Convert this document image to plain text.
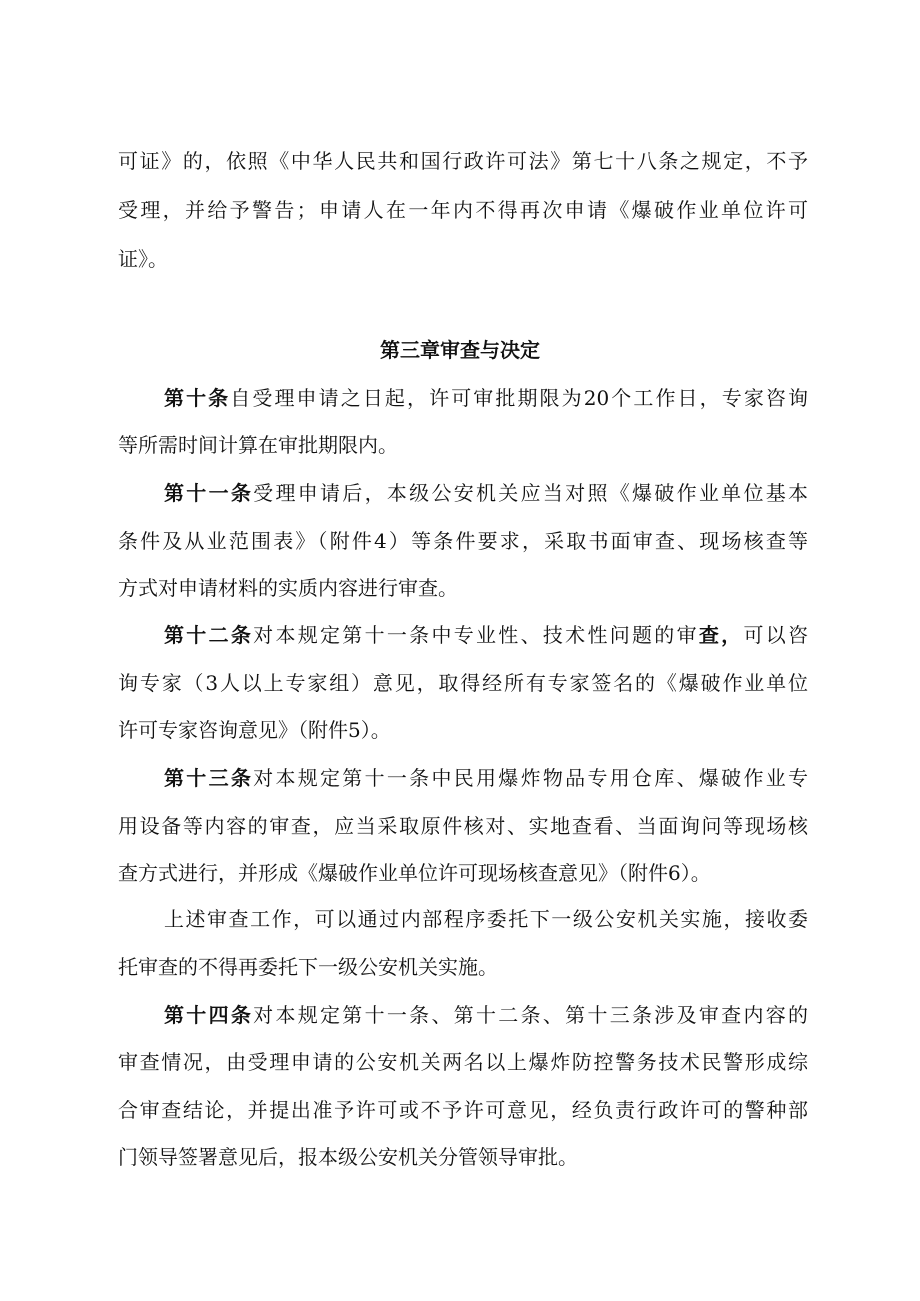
可证》的，依照《中华人民共和国行政许可法》第七十八条之规定，不予
受理，并给予警告；申请人在一年内不得再次申请《爆破作业单位许可
证》。
第三章审查与决定
第十条自受理申请之日起，许可审批期限为20个工作日，专家咨询
等所需时间计算在审批期限内。
第十一条受理申请后，本级公安机关应当对照《爆破作业单位基本
条件及从业范围表》（附件4）等条件要求，采取书面审查、现场核查等
方式对申请材料的实质内容进行审查。
第十二条对本规定第十一条中专业性、技术性问题的审查，可以咨
询专家（3人以上专家组）意见，取得经所有专家签名的《爆破作业单位
许可专家咨询意见》（附件5）。
第十三条对本规定第十一条中民用爆炸物品专用仓库、爆破作业专
用设备等内容的审查，应当采取原件核对、实地查看、当面询问等现场核
查方式进行，并形成《爆破作业单位许可现场核查意见》（附件6）。
上述审查工作，可以通过内部程序委托下一级公安机关实施，接收委
托审查的不得再委托下一级公安机关实施。
第十四条对本规定第十一条、第十二条、第十三条涉及审查内容的
审查情况，由受理申请的公安机关两名以上爆炸防控警务技术民警形成综
合审查结论，并提出准予许可或不予许可意见，经负责行政许可的警种部
门领导签署意见后，报本级公安机关分管领导审批。
